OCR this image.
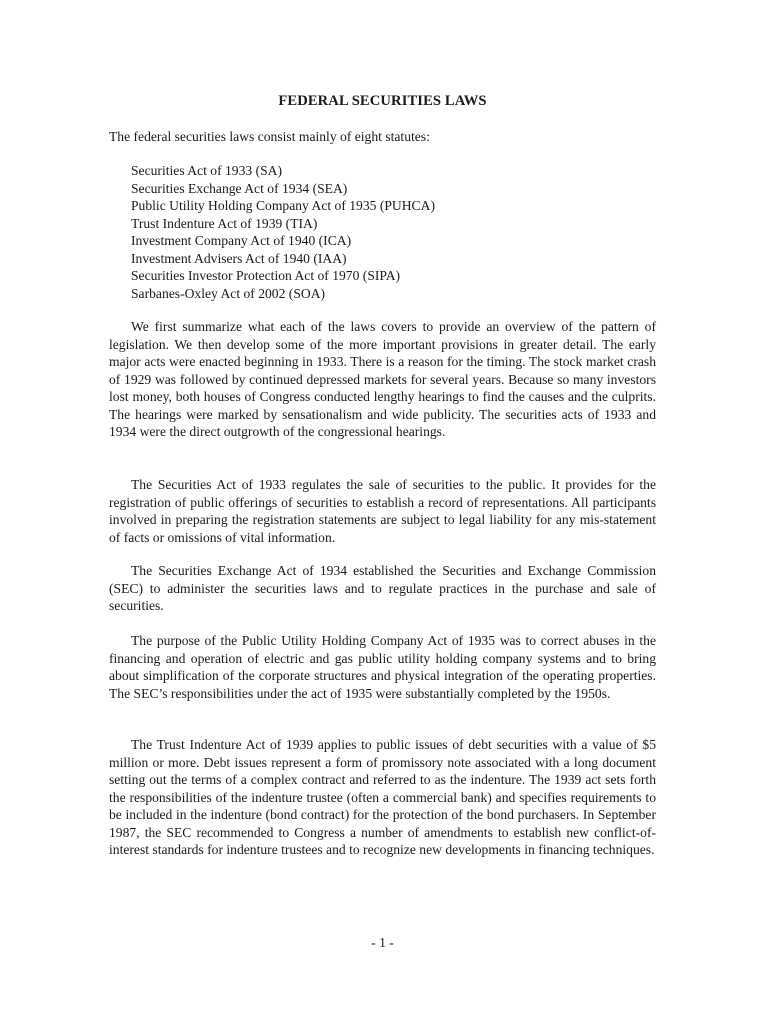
FEDERAL SECURITIES LAWS

The federal securities laws consist mainly of eight statutes:

Securities Act of 1933 (SA)
Securities Exchange Act of 1934 (SEA)
Public Utility Holding Company Act of 1935 (PUHCA)
Trust Indenture Act of 1939 (TIA)
Investment Company Act of 1940 (ICA)
Investment Advisers Act of 1940 (IAA)
Securities Investor Protection Act of 1970 (SIPA)
Sarbanes-Oxley Act of 2002 (SOA)

We first summarize what each of the laws covers to provide an overview of the pattern of legislation. We then develop some of the more important provisions in greater detail. The early major acts were enacted beginning in 1933. There is a reason for the timing. The stock market crash of 1929 was followed by continued depressed markets for several years. Because so many investors lost money, both houses of Congress conducted lengthy hearings to find the causes and the culprits. The hearings were marked by sensationalism and wide publicity. The securities acts of 1933 and 1934 were the direct outgrowth of the congressional hearings.

The Securities Act of 1933 regulates the sale of securities to the public. It provides for the registration of public offerings of securities to establish a record of representations. All participants involved in preparing the registration statements are subject to legal liability for any mis-statement of facts or omissions of vital information.

The Securities Exchange Act of 1934 established the Securities and Exchange Commission (SEC) to administer the securities laws and to regulate practices in the purchase and sale of securities.

The purpose of the Public Utility Holding Company Act of 1935 was to correct abuses in the financing and operation of electric and gas public utility holding company systems and to bring about simplification of the corporate structures and physical integration of the operating properties. The SEC’s responsibilities under the act of 1935 were substantially completed by the 1950s.

The Trust Indenture Act of 1939 applies to public issues of debt securities with a value of $5 million or more. Debt issues represent a form of promissory note associated with a long document setting out the terms of a complex contract and referred to as the indenture. The 1939 act sets forth the responsibilities of the indenture trustee (often a commercial bank) and specifies requirements to be included in the indenture (bond contract) for the protection of the bond purchasers. In September 1987, the SEC recommended to Congress a number of amendments to establish new conflict-of-interest standards for indenture trustees and to recognize new developments in financing techniques.

- 1 -
